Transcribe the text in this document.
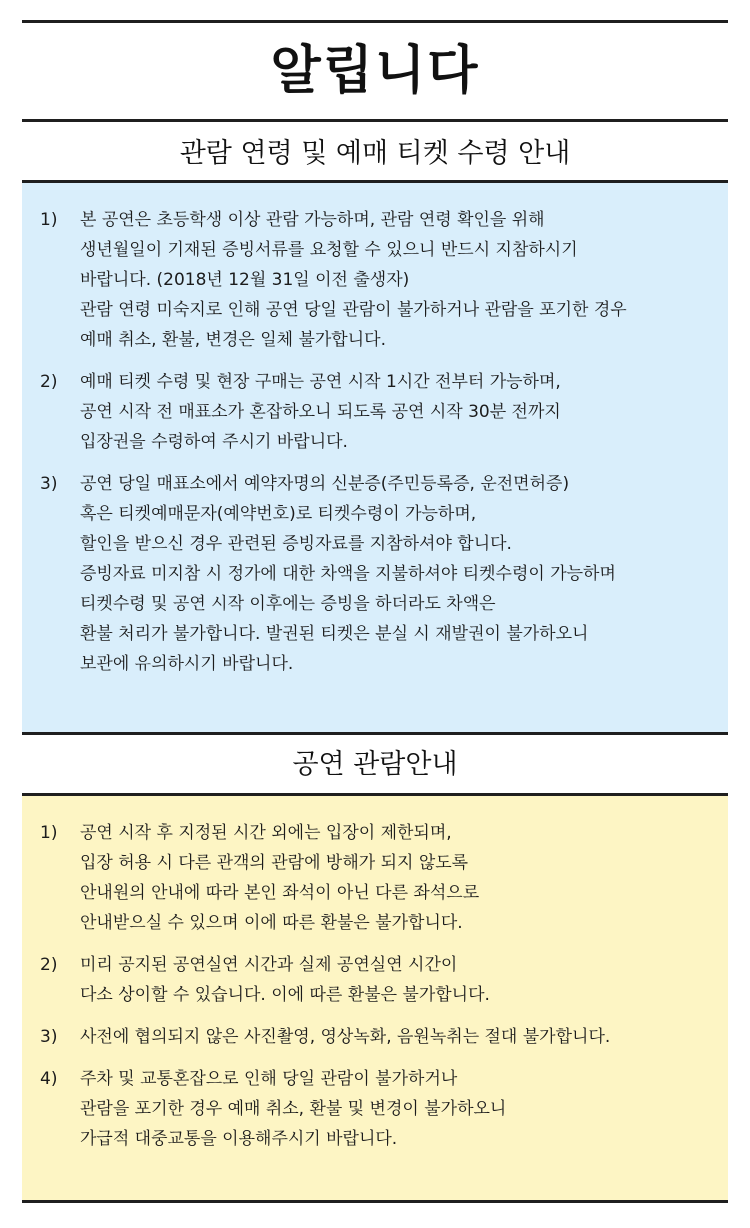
알립니다
관람 연령 및 예매 티켓 수령 안내
1) 본 공연은 초등학생 이상 관람 가능하며, 관람 연령 확인을 위해
생년월일이 기재된 증빙서류를 요청할 수 있으니 반드시 지참하시기
바랍니다. (2018년 12월 31일 이전 출생자)
관람 연령 미숙지로 인해 공연 당일 관람이 불가하거나 관람을 포기한 경우
예매 취소, 환불, 변경은 일체 불가합니다.
2) 예매 티켓 수령 및 현장 구매는 공연 시작 1시간 전부터 가능하며,
공연 시작 전 매표소가 혼잡하오니 되도록 공연 시작 30분 전까지
입장권을 수령하여 주시기 바랍니다.
3) 공연 당일 매표소에서 예약자명의 신분증(주민등록증, 운전면허증)
혹은 티켓예매문자(예약번호)로 티켓수령이 가능하며,
할인을 받으신 경우 관련된 증빙자료를 지참하셔야 합니다.
증빙자료 미지참 시 정가에 대한 차액을 지불하셔야 티켓수령이 가능하며
티켓수령 및 공연 시작 이후에는 증빙을 하더라도 차액은
환불 처리가 불가합니다. 발권된 티켓은 분실 시 재발권이 불가하오니
보관에 유의하시기 바랍니다.
공연 관람안내
1) 공연 시작 후 지정된 시간 외에는 입장이 제한되며,
입장 허용 시 다른 관객의 관람에 방해가 되지 않도록
안내원의 안내에 따라 본인 좌석이 아닌 다른 좌석으로
안내받으실 수 있으며 이에 따른 환불은 불가합니다.
2) 미리 공지된 공연실연 시간과 실제 공연실연 시간이
다소 상이할 수 있습니다. 이에 따른 환불은 불가합니다.
3) 사전에 협의되지 않은 사진촬영, 영상녹화, 음원녹취는 절대 불가합니다.
4) 주차 및 교통혼잡으로 인해 당일 관람이 불가하거나
관람을 포기한 경우 예매 취소, 환불 및 변경이 불가하오니
가급적 대중교통을 이용해주시기 바랍니다.
